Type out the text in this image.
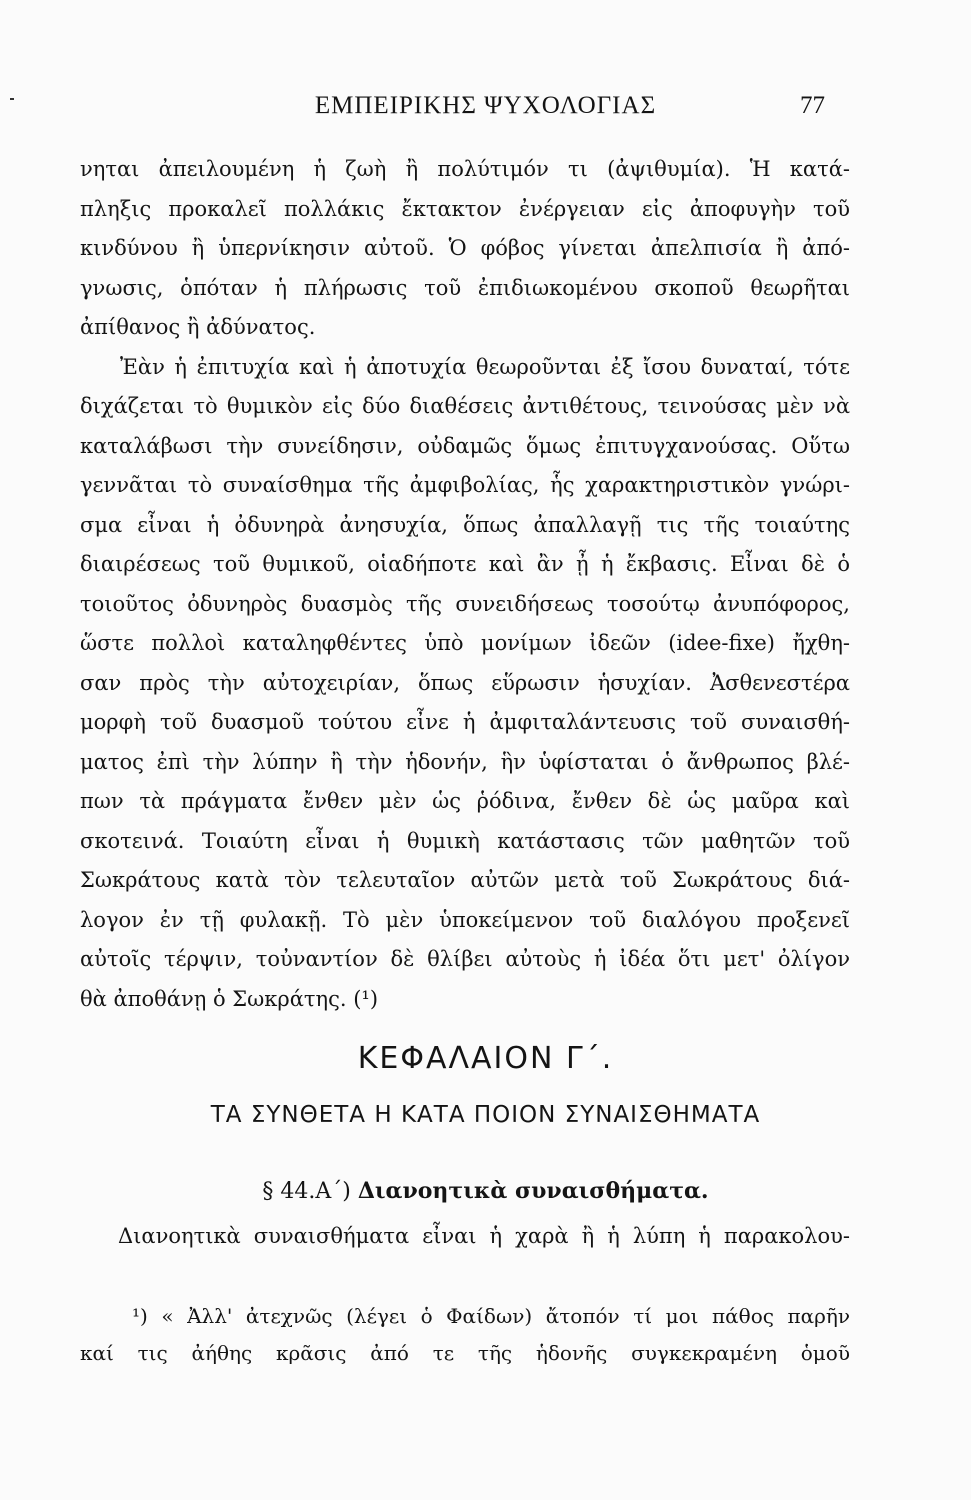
ΕΜΠΕΙΡΙΚΗΣ ΨΥΧΟΛΟΓΙΑΣ	77
νηται ἀπειλουμένη ἡ ζωὴ ἢ πολύτιμόν τι (ἀψιθυμία). Ἡ κατά-
πληξις προκαλεῖ πολλάκις ἔκτακτον ἐνέργειαν εἰς ἀποφυγὴν τοῦ
κινδύνου ἢ ὑπερνίκησιν αὐτοῦ. Ὁ φόβος γίνεται ἀπελπισία ἢ ἀπό-
γνωσις, ὁπόταν ἡ πλήρωσις τοῦ ἐπιδιωκομένου σκοποῦ θεωρῆται
ἀπίθανος ἢ ἀδύνατος.
Ἐὰν ἡ ἐπιτυχία καὶ ἡ ἀποτυχία θεωροῦνται ἐξ ἴσου δυναταί, τότε
διχάζεται τὸ θυμικὸν εἰς δύο διαθέσεις ἀντιθέτους, τεινούσας μὲν νὰ
καταλάβωσι τὴν συνείδησιν, οὐδαμῶς ὅμως ἐπιτυγχανούσας. Οὕτω
γεννᾶται τὸ συναίσθημα τῆς ἀμφιβολίας, ἧς χαρακτηριστικὸν γνώρι-
σμα εἶναι ἡ ὀδυνηρὰ ἀνησυχία, ὅπως ἀπαλλαγῇ τις τῆς τοιαύτης
διαιρέσεως τοῦ θυμικοῦ, οἱαδήποτε καὶ ἂν ᾖ ἡ ἔκβασις. Εἶναι δὲ ὁ
τοιοῦτος ὀδυνηρὸς δυασμὸς τῆς συνειδήσεως τοσούτῳ ἀνυπόφορος,
ὥστε πολλοὶ καταληφθέντες ὑπὸ μονίμων ἰδεῶν (idee-fixe) ἤχθη-
σαν πρὸς τὴν αὐτοχειρίαν, ὅπως εὕρωσιν ἡσυχίαν. Ἀσθενεστέρα
μορφὴ τοῦ δυασμοῦ τούτου εἶνε ἡ ἀμφιταλάντευσις τοῦ συναισθή-
ματος ἐπὶ τὴν λύπην ἢ τὴν ἡδονήν, ἣν ὑφίσταται ὁ ἄνθρωπος βλέ-
πων τὰ πράγματα ἔνθεν μὲν ὡς ῥόδινα, ἔνθεν δὲ ὡς μαῦρα καὶ
σκοτεινά. Τοιαύτη εἶναι ἡ θυμικὴ κατάστασις τῶν μαθητῶν τοῦ
Σωκράτους κατὰ τὸν τελευταῖον αὐτῶν μετὰ τοῦ Σωκράτους διά-
λογον ἐν τῇ φυλακῇ. Τὸ μὲν ὑποκείμενον τοῦ διαλόγου προξενεῖ
αὐτοῖς τέρψιν, τοὐναντίον δὲ θλίβει αὐτοὺς ἡ ἰδέα ὅτι μετ' ὀλίγον
θὰ ἀποθάνῃ ὁ Σωκράτης. (¹)
ΚΕΦΑΛΑΙΟΝ Γ΄.
ΤΑ ΣΥΝΘΕΤΑ Η ΚΑΤΑ ΠΟΙΟΝ ΣΥΝΑΙΣΘΗΜΑΤΑ
§ 44.Α΄) Διανοητικὰ συναισθήματα.
Διανοητικὰ συναισθήματα εἶναι ἡ χαρὰ ἢ ἡ λύπη ἡ παρακολου-
¹) « Ἀλλ' ἀτεχνῶς (λέγει ὁ Φαίδων) ἄτοπόν τί μοι πάθος παρῆν
καί τις ἀήθης κρᾶσις ἀπό τε τῆς ἡδονῆς συγκεκραμένη ὁμοῦ
